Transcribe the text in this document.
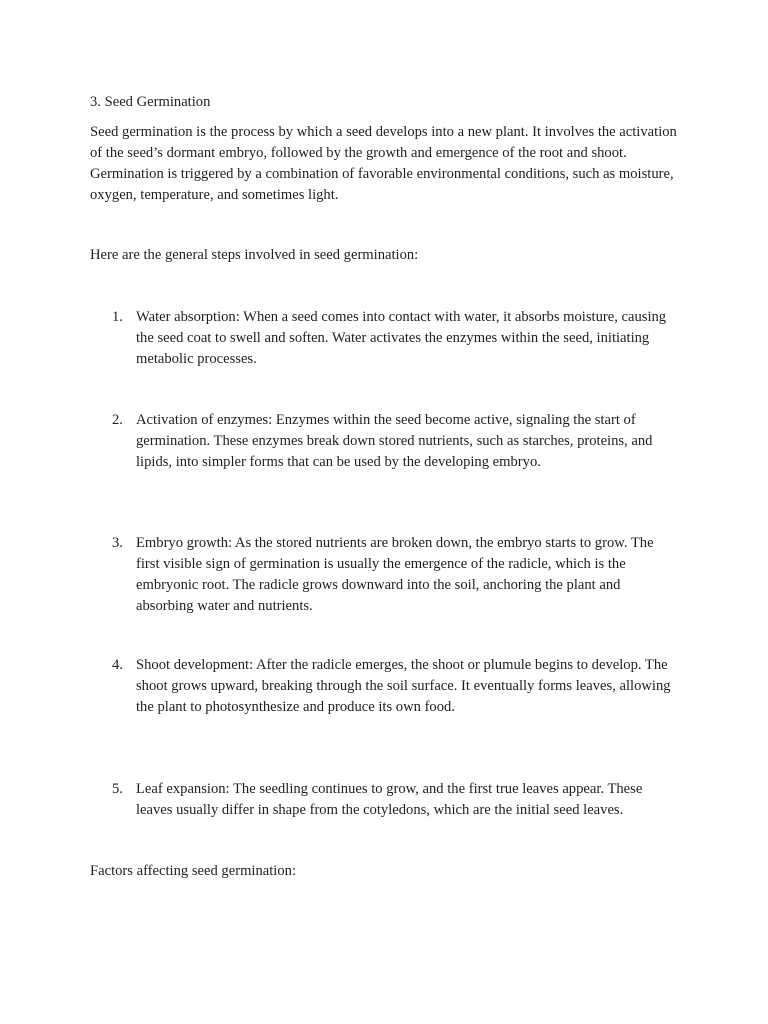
3. Seed Germination

Seed germination is the process by which a seed develops into a new plant. It involves the activation of the seed’s dormant embryo, followed by the growth and emergence of the root and shoot. Germination is triggered by a combination of favorable environmental conditions, such as moisture, oxygen, temperature, and sometimes light.

Here are the general steps involved in seed germination:

1. Water absorption: When a seed comes into contact with water, it absorbs moisture, causing the seed coat to swell and soften. Water activates the enzymes within the seed, initiating metabolic processes.

2. Activation of enzymes: Enzymes within the seed become active, signaling the start of germination. These enzymes break down stored nutrients, such as starches, proteins, and lipids, into simpler forms that can be used by the developing embryo.

3. Embryo growth: As the stored nutrients are broken down, the embryo starts to grow. The first visible sign of germination is usually the emergence of the radicle, which is the embryonic root. The radicle grows downward into the soil, anchoring the plant and absorbing water and nutrients.

4. Shoot development: After the radicle emerges, the shoot or plumule begins to develop. The shoot grows upward, breaking through the soil surface. It eventually forms leaves, allowing the plant to photosynthesize and produce its own food.

5. Leaf expansion: The seedling continues to grow, and the first true leaves appear. These leaves usually differ in shape from the cotyledons, which are the initial seed leaves.

Factors affecting seed germination:
